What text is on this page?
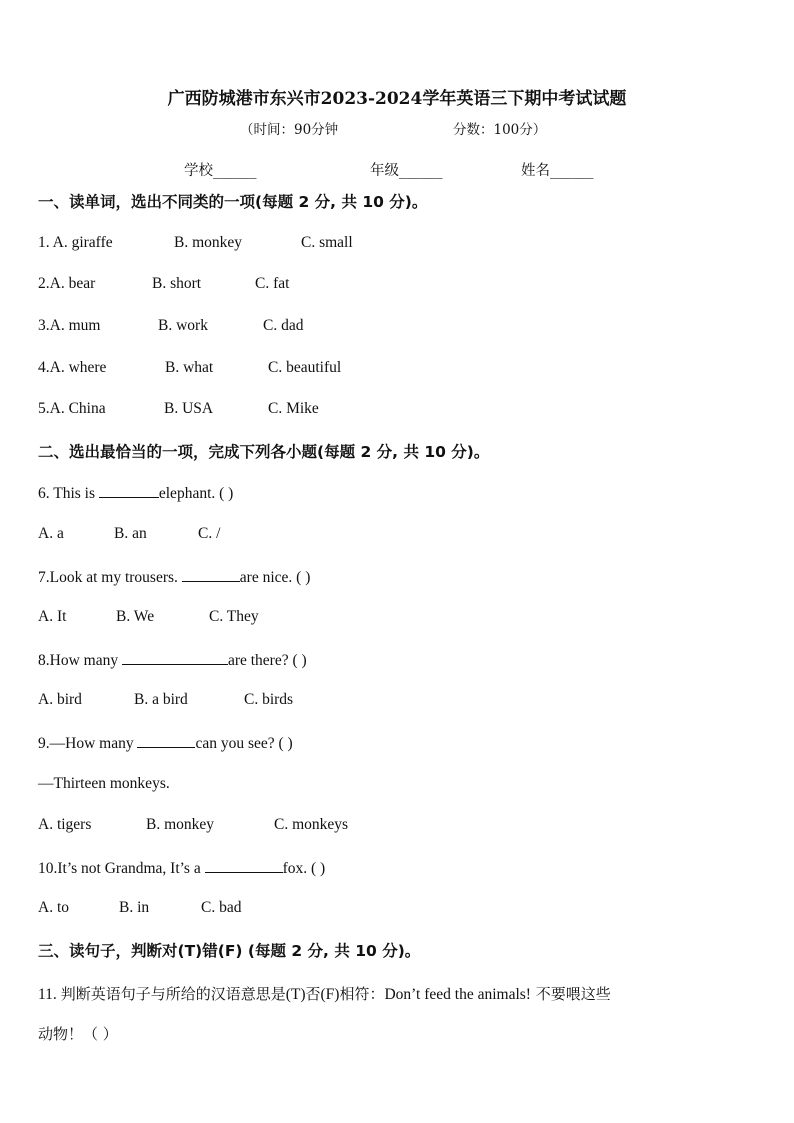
广西防城港市东兴市2023-2024学年英语三下期中考试试题
（时间：90分钟	分数：100分）
学校______	年级______	姓名______
一、读单词，选出不同类的一项(每题 2 分, 共 10 分)。
1. A. giraffe	B. monkey	C. small
2.A. bear	B. short	C. fat
3.A. mum	B. work	C. dad
4.A. where	B. what	C. beautiful
5.A. China	B. USA	C. Mike
二、选出最恰当的一项，完成下列各小题(每题 2 分, 共 10 分)。
6. This is	elephant. ( )
A. a	B. an	C. /
7.Look at my trousers.	are nice. ( )
A. It	B. We	C. They
8.How many	are there? ( )
A. bird	B. a bird	C. birds
9.—How many	can you see? ( )
—Thirteen monkeys.
A. tigers	B. monkey	C. monkeys
10.It’s not Grandma, It’s a	fox. ( )
A. to	B. in	C. bad
三、读句子，判断对(T)错(F) (每题 2 分, 共 10 分)。
11. 判断英语句子与所给的汉语意思是(T)否(F)相符：Don’t feed the animals! 不要喂这些
动物！（ ）
